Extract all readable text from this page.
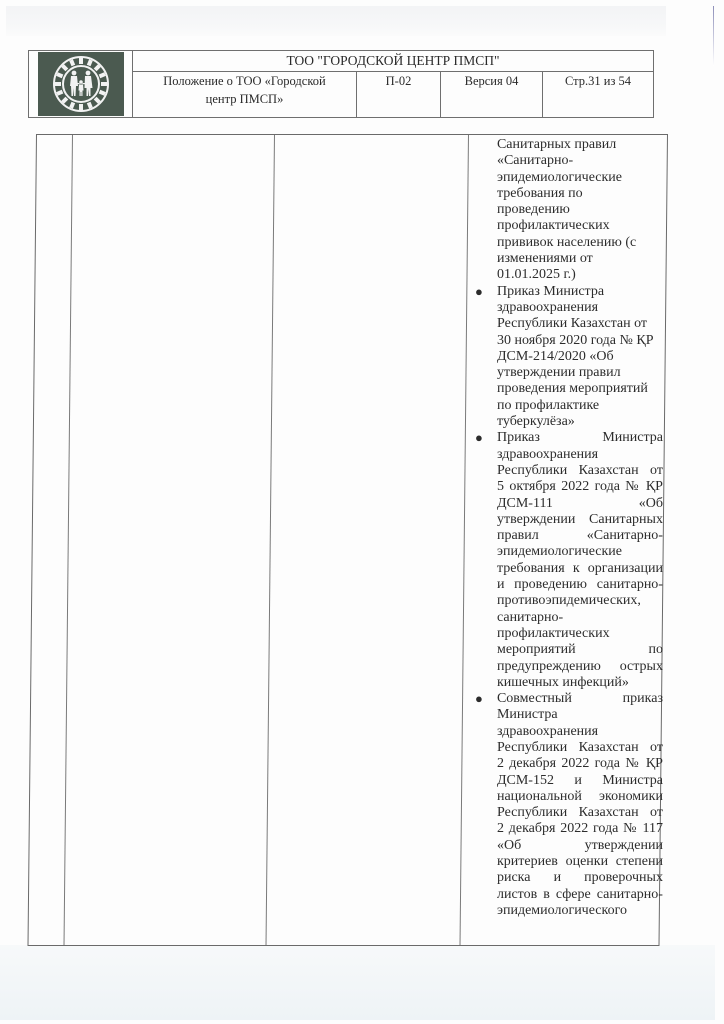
ТОО "ГОРОДСКОЙ ЦЕНТР ПМСП"
Положение о ТОО «Городской
центр ПМСП»
П-02	Версия 04	Стр.31 из 54
Санитарных правил
«Санитарно-
эпидемиологические
требования по
проведению
профилактических
прививок населению (с
изменениями от
01.01.2025 г.)
● Приказ Министра
здравоохранения
Республики Казахстан от
30 ноября 2020 года № ҚР
ДСМ-214/2020 «Об
утверждении правил
проведения мероприятий
по профилактике
туберкулёза»
● Приказ Министра
здравоохранения
Республики Казахстан от
5 октября 2022 года № ҚР
ДСМ-111 «Об
утверждении Санитарных
правил «Санитарно-
эпидемиологические
требования к организации
и проведению санитарно-
противоэпидемических,
санитарно-
профилактических
мероприятий по
предупреждению острых
кишечных инфекций»
● Совместный приказ
Министра
здравоохранения
Республики Казахстан от
2 декабря 2022 года № ҚР
ДСМ-152 и Министра
национальной экономики
Республики Казахстан от
2 декабря 2022 года № 117
«Об утверждении
критериев оценки степени
риска и проверочных
листов в сфере санитарно-
эпидемиологического
